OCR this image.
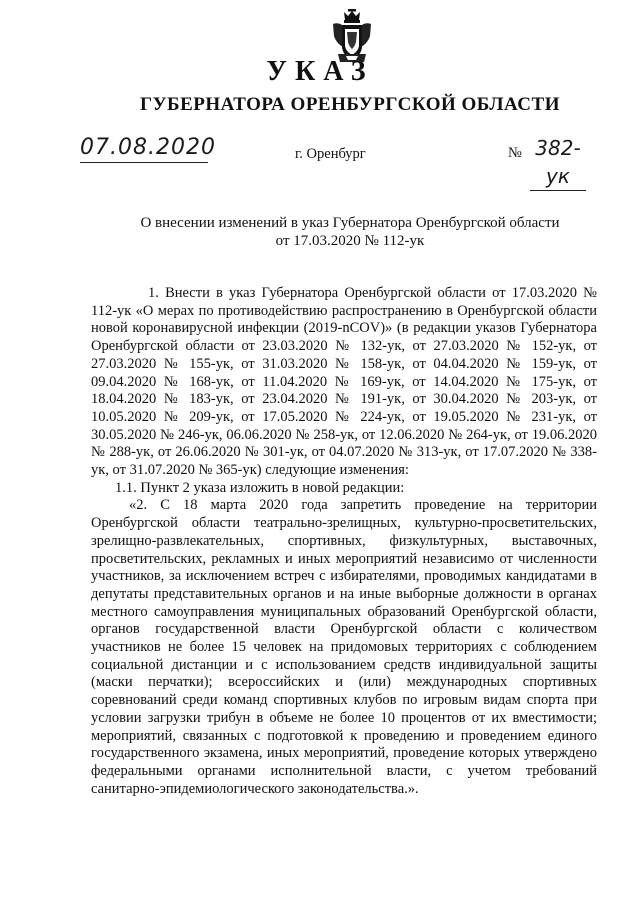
УКАЗ
ГУБЕРНАТОРА ОРЕНБУРГСКОЙ ОБЛАСТИ
07.08.2020	г. Оренбург	№ 382-ук
О внесении изменений в указ Губернатора Оренбургской области
от 17.03.2020 № 112-ук

1. Внести в указ Губернатора Оренбургской области от 17.03.2020 № 112-ук «О мерах по противодействию распространению в Оренбургской области новой коронавирусной инфекции (2019-nCOV)» (в редакции указов Губернатора Оренбургской области от 23.03.2020 № 132-ук, от 27.03.2020 № 152-ук, от 27.03.2020 № 155-ук, от 31.03.2020 № 158-ук, от 04.04.2020 № 159-ук, от 09.04.2020 № 168-ук, от 11.04.2020 № 169-ук, от 14.04.2020 № 175-ук, от 18.04.2020 № 183-ук, от 23.04.2020 № 191-ук, от 30.04.2020 № 203-ук, от 10.05.2020 № 209-ук, от 17.05.2020 № 224-ук, от 19.05.2020 № 231-ук, от 30.05.2020 № 246-ук, 06.06.2020 № 258-ук, от 12.06.2020 № 264-ук, от 19.06.2020 № 288-ук, от 26.06.2020 № 301-ук, от 04.07.2020 № 313-ук, от 17.07.2020 № 338-ук, от 31.07.2020 № 365-ук) следующие изменения:

1.1. Пункт 2 указа изложить в новой редакции:

«2. С 18 марта 2020 года запретить проведение на территории Оренбургской области театрально-зрелищных, культурно-просветительских, зрелищно-развлекательных, спортивных, физкультурных, выставочных, просветительских, рекламных и иных мероприятий независимо от численности участников, за исключением встреч с избирателями, проводимых кандидатами в депутаты представительных органов и на иные выборные должности в органах местного самоуправления муниципальных образований Оренбургской области, органов государственной власти Оренбургской области с количеством участников не более 15 человек на придомовых территориях с соблюдением социальной дистанции и с использованием средств индивидуальной защиты (маски перчатки); всероссийских и (или) международных спортивных соревнований среди команд спортивных клубов по игровым видам спорта при условии загрузки трибун в объеме не более 10 процентов от их вместимости; мероприятий, связанных с подготовкой к проведению и проведением единого государственного экзамена, иных мероприятий, проведение которых утверждено федеральными органами исполнительной власти, с учетом требований санитарно-эпидемиологического законодательства.».
